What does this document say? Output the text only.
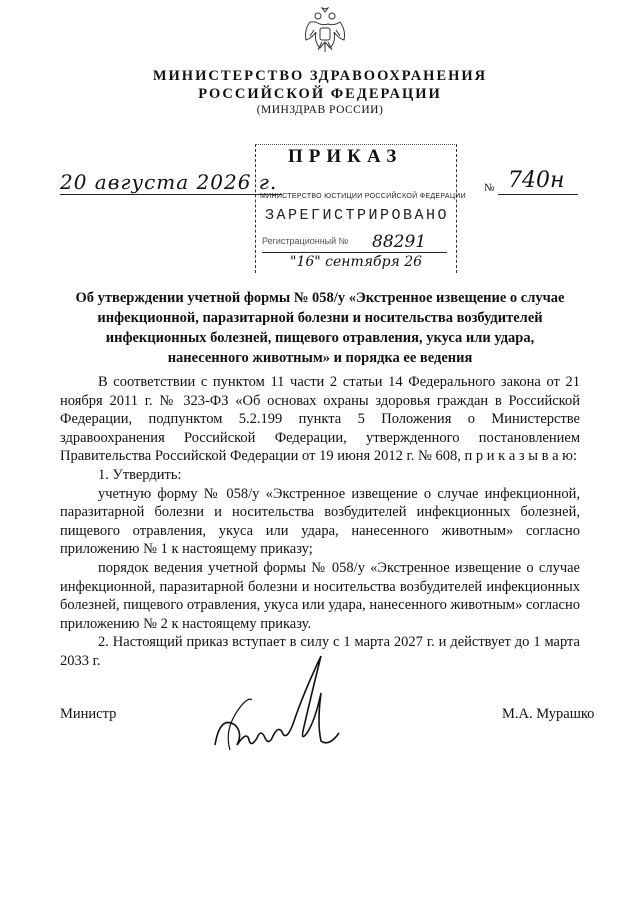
МИНИСТЕРСТВО ЗДРАВООХРАНЕНИЯ
РОССИЙСКОЙ ФЕДЕРАЦИИ
(МИНЗДРАВ РОССИИ)
ПРИКАЗ
МИНИСТЕРСТВО ЮСТИЦИИ РОССИЙСКОЙ ФЕДЕРАЦИИ
ЗАРЕГИСТРИРОВАНО
Регистрационный № 88291
"16" сентября 26
20 августа 2026 г.	№ 740н
Об утверждении учетной формы № 058/у «Экстренное извещение о случае инфекционной, паразитарной болезни и носительства возбудителей инфекционных болезней, пищевого отравления, укуса или удара, нанесенного животным» и порядка ее ведения

В соответствии с пунктом 11 части 2 статьи 14 Федерального закона от 21 ноября 2011 г. № 323-ФЗ «Об основах охраны здоровья граждан в Российской Федерации, подпунктом 5.2.199 пункта 5 Положения о Министерстве здравоохранения Российской Федерации, утвержденного постановлением Правительства Российской Федерации от 19 июня 2012 г. № 608, п р и к а з ы в а ю:

1. Утвердить:

учетную форму № 058/у «Экстренное извещение о случае инфекционной, паразитарной болезни и носительства возбудителей инфекционных болезней, пищевого отравления, укуса или удара, нанесенного животным» согласно приложению № 1 к настоящему приказу;

порядок ведения учетной формы № 058/у «Экстренное извещение о случае инфекционной, паразитарной болезни и носительства возбудителей инфекционных болезней, пищевого отравления, укуса или удара, нанесенного животным» согласно приложению № 2 к настоящему приказу.

2. Настоящий приказ вступает в силу с 1 марта 2027 г. и действует до 1 марта 2033 г.

Министр	М.А. Мурашко
